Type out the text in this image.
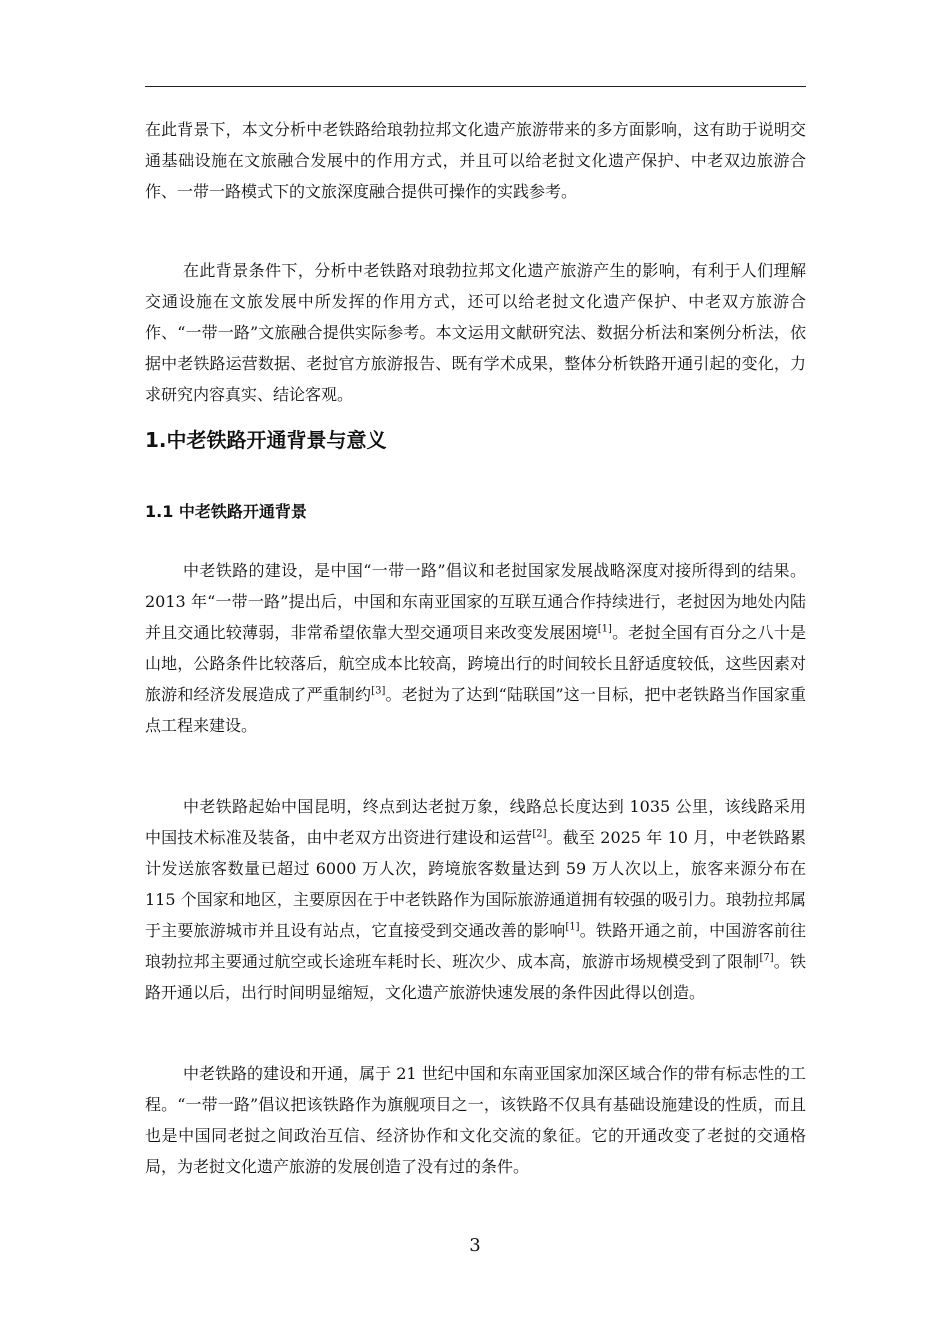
在此背景下，本文分析中老铁路给琅勃拉邦文化遗产旅游带来的多方面影响，这有助于说明交通基础设施在文旅融合发展中的作用方式，并且可以给老挝文化遗产保护、中老双边旅游合作、一带一路模式下的文旅深度融合提供可操作的实践参考。

在此背景条件下，分析中老铁路对琅勃拉邦文化遗产旅游产生的影响，有利于人们理解交通设施在文旅发展中所发挥的作用方式，还可以给老挝文化遗产保护、中老双方旅游合作、“一带一路”文旅融合提供实际参考。本文运用文献研究法、数据分析法和案例分析法，依据中老铁路运营数据、老挝官方旅游报告、既有学术成果，整体分析铁路开通引起的变化，力求研究内容真实、结论客观。

1.中老铁路开通背景与意义
1.1 中老铁路开通背景

中老铁路的建设，是中国“一带一路”倡议和老挝国家发展战略深度对接所得到的结果。2013 年“一带一路”提出后，中国和东南亚国家的互联互通合作持续进行，老挝因为地处内陆并且交通比较薄弱，非常希望依靠大型交通项目来改变发展困境[1]。老挝全国有百分之八十是山地，公路条件比较落后，航空成本比较高，跨境出行的时间较长且舒适度较低，这些因素对旅游和经济发展造成了严重制约[3]。老挝为了达到“陆联国”这一目标，把中老铁路当作国家重点工程来建设。

中老铁路起始中国昆明，终点到达老挝万象，线路总长度达到 1035 公里，该线路采用中国技术标准及装备，由中老双方出资进行建设和运营[2]。截至 2025 年 10 月，中老铁路累计发送旅客数量已超过 6000 万人次，跨境旅客数量达到 59 万人次以上，旅客来源分布在 115 个国家和地区，主要原因在于中老铁路作为国际旅游通道拥有较强的吸引力。琅勃拉邦属于主要旅游城市并且设有站点，它直接受到交通改善的影响[1]。铁路开通之前，中国游客前往琅勃拉邦主要通过航空或长途班车耗时长、班次少、成本高，旅游市场规模受到了限制[7]。铁路开通以后，出行时间明显缩短，文化遗产旅游快速发展的条件因此得以创造。

中老铁路的建设和开通，属于 21 世纪中国和东南亚国家加深区域合作的带有标志性的工程。“一带一路”倡议把该铁路作为旗舰项目之一，该铁路不仅具有基础设施建设的性质，而且也是中国同老挝之间政治互信、经济协作和文化交流的象征。它的开通改变了老挝的交通格局，为老挝文化遗产旅游的发展创造了没有过的条件。

3
